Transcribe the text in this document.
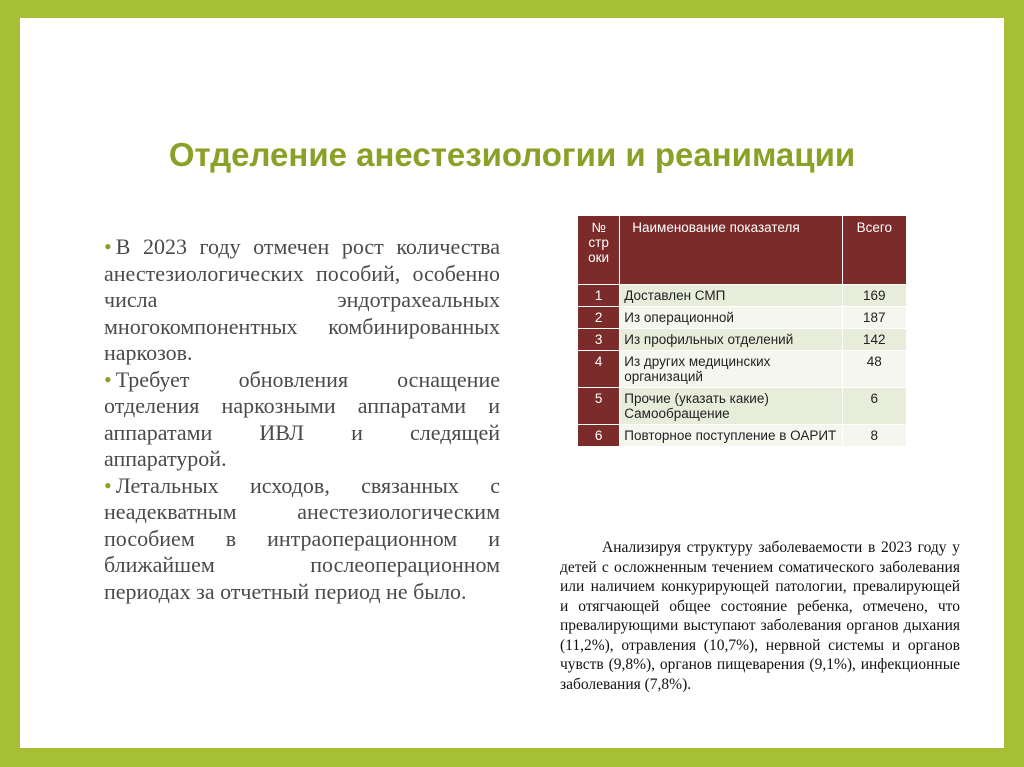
Отделение анестезиологии и реанимации

• В 2023 году отмечен рост количества анестезиологических пособий, особенно числа эндотрахеальных многокомпонентных комбинированных наркозов.

• Требует обновления оснащение отделения наркозными аппаратами и аппаратами ИВЛ и следящей аппаратурой.

• Летальных исходов, связанных с неадекватным анестезиологическим пособием в интраоперационном и ближайшем послеоперационном периодах за отчетный период не было.

№ стр оки	Наименование показателя	Всего
1	Доставлен СМП	169
2	Из операционной	187
3	Из профильных отделений	142
4	Из других медицинских организаций	48
5	Прочие (указать какие) Самообращение	6
6	Повторное поступление в ОАРИТ	8
Анализируя структуру заболеваемости в 2023 году у детей с осложненным течением соматического заболевания или наличием конкурирующей патологии, превалирующей и отягчающей общее состояние ребенка, отмечено, что превалирующими выступают заболевания органов дыхания (11,2%), отравления (10,7%), нервной системы и органов чувств (9,8%), органов пищеварения (9,1%), инфекционные заболевания (7,8%).
